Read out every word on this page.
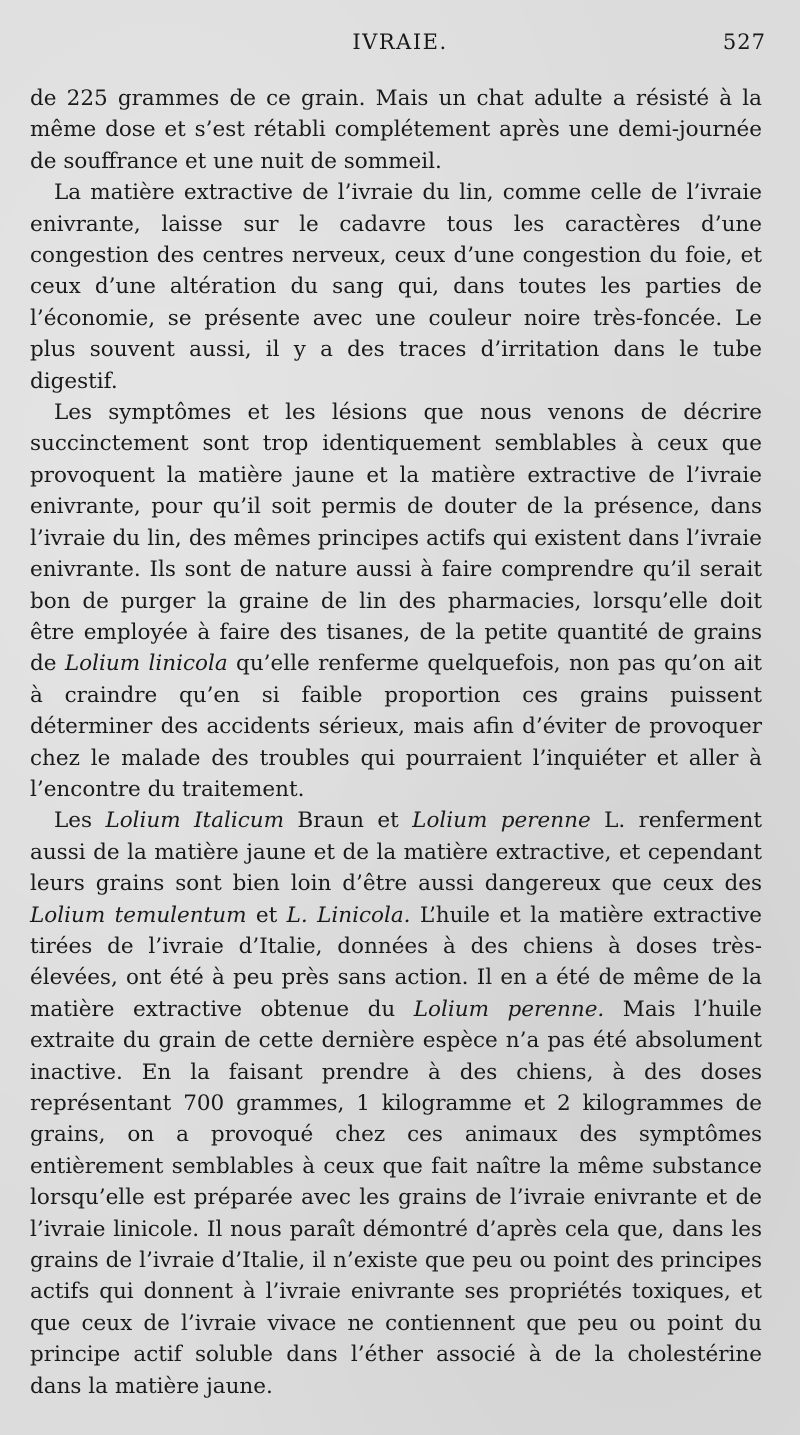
IVRAIE.	527

de 225 grammes de ce grain. Mais un chat adulte a résisté à la même dose et s’est rétabli complétement après une demi-journée de souffrance et une nuit de sommeil.

La matière extractive de l’ivraie du lin, comme celle de l’ivraie enivrante, laisse sur le cadavre tous les caractères d’une congestion des centres nerveux, ceux d’une congestion du foie, et ceux d’une altération du sang qui, dans toutes les parties de l’économie, se présente avec une couleur noire très-foncée. Le plus souvent aussi, il y a des traces d’irritation dans le tube digestif.

Les symptômes et les lésions que nous venons de décrire succinctement sont trop identiquement semblables à ceux que provoquent la matière jaune et la matière extractive de l’ivraie enivrante, pour qu’il soit permis de douter de la présence, dans l’ivraie du lin, des mêmes principes actifs qui existent dans l’ivraie enivrante. Ils sont de nature aussi à faire comprendre qu’il serait bon de purger la graine de lin des pharmacies, lorsqu’elle doit être employée à faire des tisanes, de la petite quantité de grains de Lolium linicola qu’elle renferme quelquefois, non pas qu’on ait à craindre qu’en si faible proportion ces grains puissent déterminer des accidents sérieux, mais afin d’éviter de provoquer chez le malade des troubles qui pourraient l’inquiéter et aller à l’encontre du traitement.

Les Lolium Italicum Braun et Lolium perenne L. renferment aussi de la matière jaune et de la matière extractive, et cependant leurs grains sont bien loin d’être aussi dangereux que ceux des Lolium temulentum et L. Linicola. L’huile et la matière extractive tirées de l’ivraie d’Italie, données à des chiens à doses très-élevées, ont été à peu près sans action. Il en a été de même de la matière extractive obtenue du Lolium perenne. Mais l’huile extraite du grain de cette dernière espèce n’a pas été absolument inactive. En la faisant prendre à des chiens, à des doses représentant 700 grammes, 1 kilogramme et 2 kilogrammes de grains, on a provoqué chez ces animaux des symptômes entièrement semblables à ceux que fait naître la même substance lorsqu’elle est préparée avec les grains de l’ivraie enivrante et de l’ivraie linicole. Il nous paraît démontré d’après cela que, dans les grains de l’ivraie d’Italie, il n’existe que peu ou point des principes actifs qui donnent à l’ivraie enivrante ses propriétés toxiques, et que ceux de l’ivraie vivace ne contiennent que peu ou point du principe actif soluble dans l’éther associé à de la cholestérine dans la matière jaune.
